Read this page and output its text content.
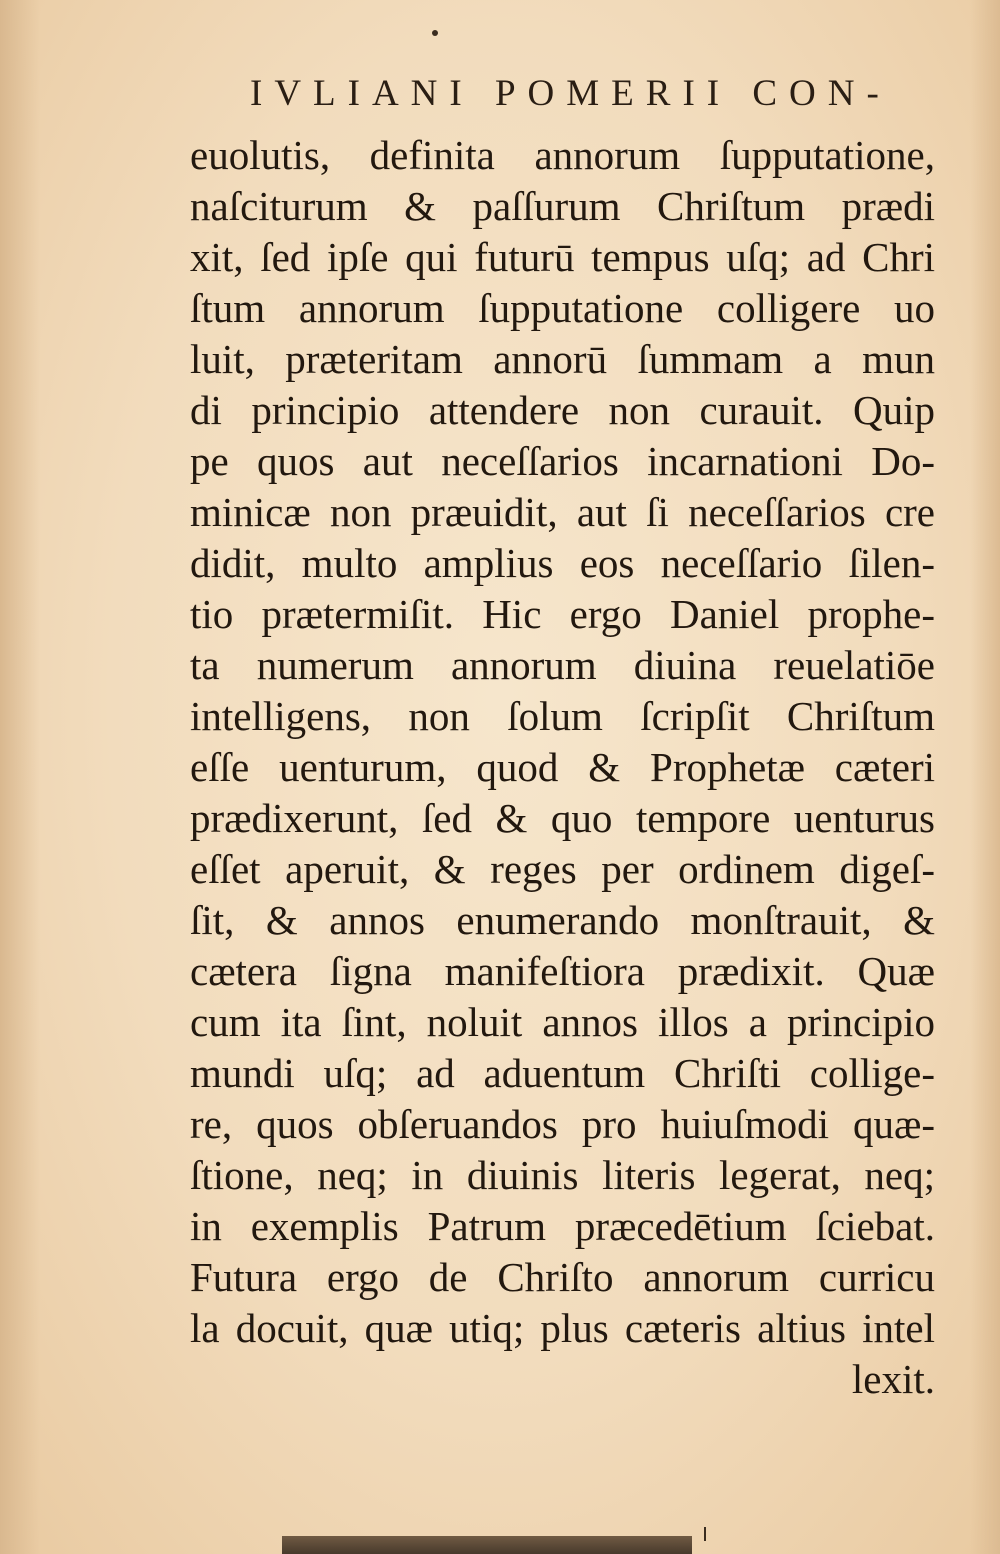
IVLIANI POMERII CON-
euolutis, definita annorum ſupputatione,
naſciturum & paſſurum Chriſtum prædi
xit, ſed ipſe qui futurū tempus uſq; ad Chri
ſtum annorum ſupputatione colligere uo
luit, præteritam annorū ſummam a mun
di principio attendere non curauit. Quip
pe quos aut neceſſarios incarnationi Do-
minicæ non præuidit, aut ſi neceſſarios cre
didit, multo amplius eos neceſſario ſilen-
tio prætermiſit. Hic ergo Daniel prophe-
ta numerum annorum diuina reuelatiōe
intelligens, non ſolum ſcripſit Chriſtum
eſſe uenturum, quod & Prophetæ cæteri
prædixerunt, ſed & quo tempore uenturus
eſſet aperuit, & reges per ordinem digeſ-
ſit, & annos enumerando monſtrauit, &
cætera ſigna manifeſtiora prædixit. Quæ
cum ita ſint, noluit annos illos a principio
mundi uſq; ad aduentum Chriſti collige-
re, quos obſeruandos pro huiuſmodi quæ-
ſtione, neq; in diuinis literis legerat, neq;
in exemplis Patrum præcedētium ſciebat.
Futura ergo de Chriſto annorum curricu
la docuit, quæ utiq; plus cæteris altius intel
lexit.
